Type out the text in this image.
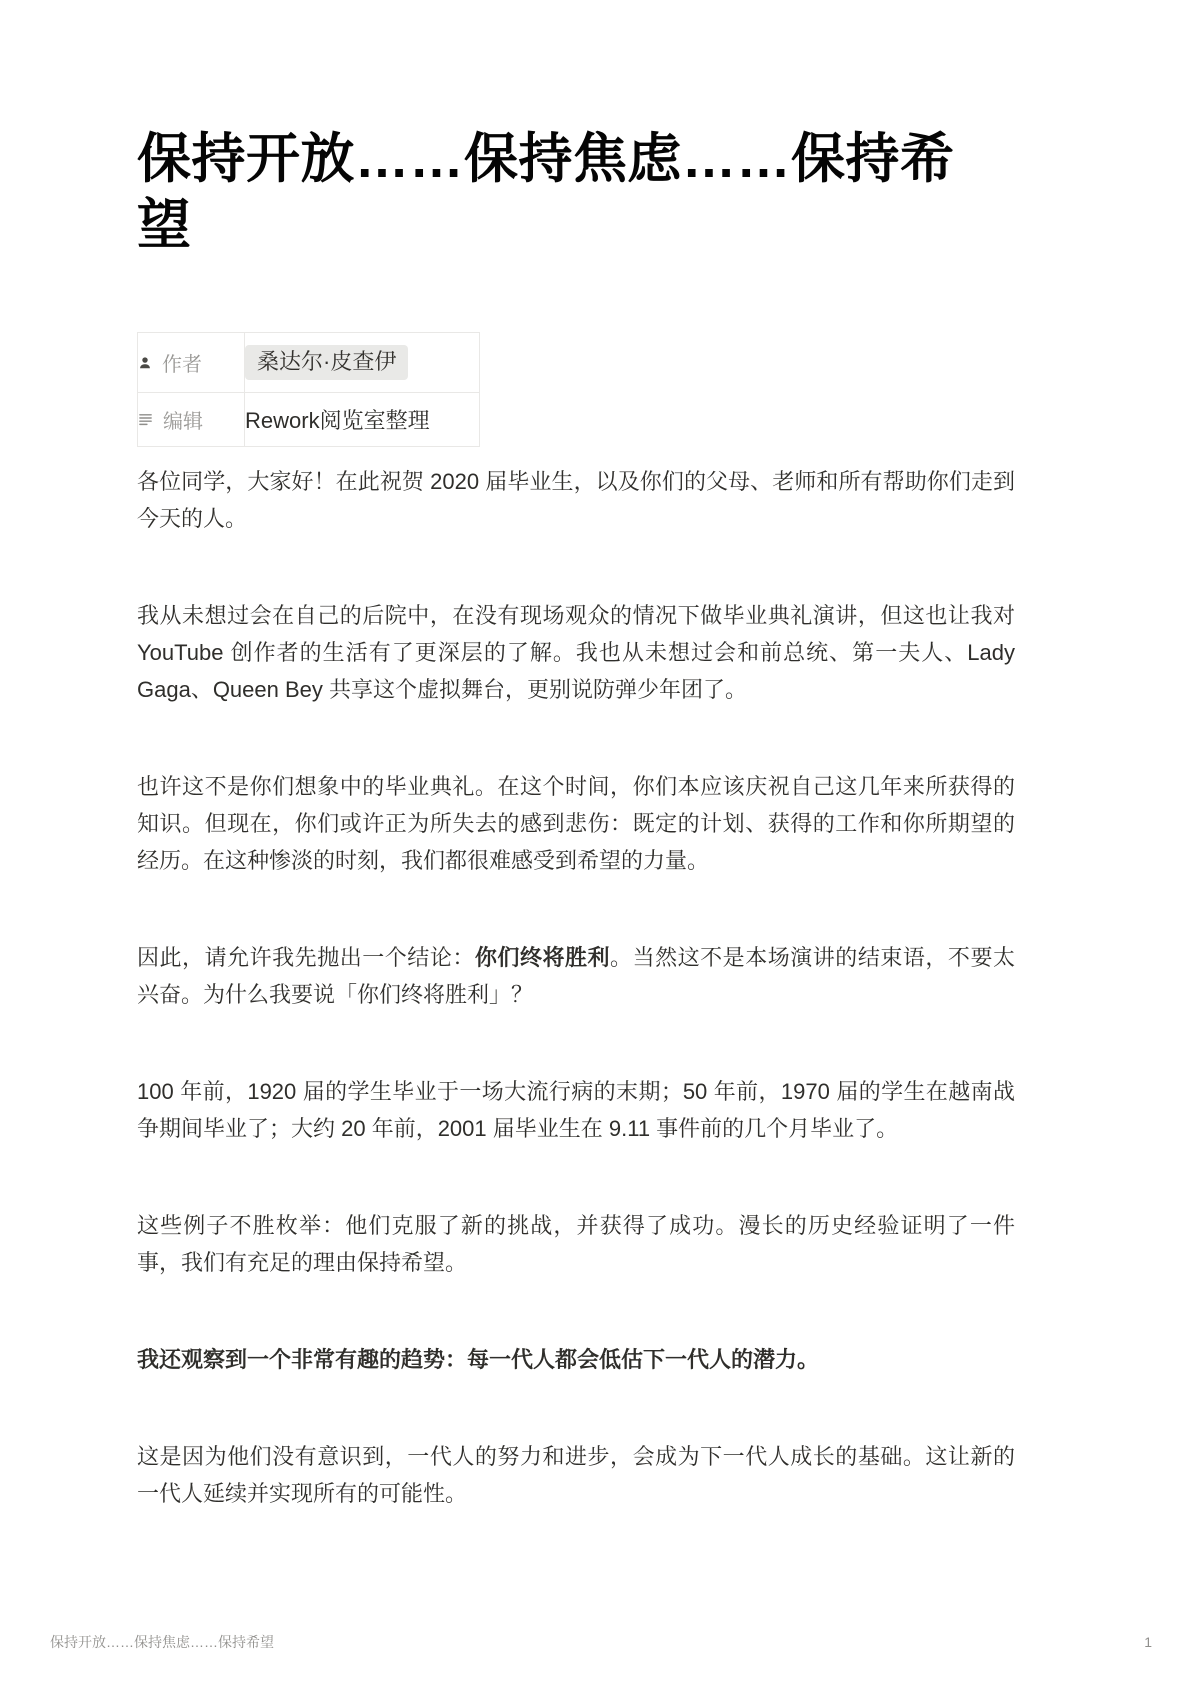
保持开放……保持焦虑……保持希
望
作者	桑达尔·皮查伊

编辑	Rework阅览室整理

各位同学，大家好！在此祝贺 2020 届毕业生，以及你们的父母、老师和所有帮助你们走到今天的人。

我从未想过会在自己的后院中，在没有现场观众的情况下做毕业典礼演讲，但这也让我对 YouTube 创作者的生活有了更深层的了解。我也从未想过会和前总统、第一夫人、Lady Gaga、Queen Bey 共享这个虚拟舞台，更别说防弹少年团了。

也许这不是你们想象中的毕业典礼。在这个时间，你们本应该庆祝自己这几年来所获得的知识。但现在，你们或许正为所失去的感到悲伤：既定的计划、获得的工作和你所期望的经历。在这种惨淡的时刻，我们都很难感受到希望的力量。

因此，请允许我先抛出一个结论：你们终将胜利。当然这不是本场演讲的结束语，不要太兴奋。为什么我要说「你们终将胜利」？

100 年前，1920 届的学生毕业于一场大流行病的末期；50 年前，1970 届的学生在越南战争期间毕业了；大约 20 年前，2001 届毕业生在 9.11 事件前的几个月毕业了。

这些例子不胜枚举：他们克服了新的挑战，并获得了成功。漫长的历史经验证明了一件事，我们有充足的理由保持希望。

我还观察到一个非常有趣的趋势：每一代人都会低估下一代人的潜力。

这是因为他们没有意识到，一代人的努力和进步，会成为下一代人成长的基础。这让新的一代人延续并实现所有的可能性。

保持开放……保持焦虑……保持希望	1
